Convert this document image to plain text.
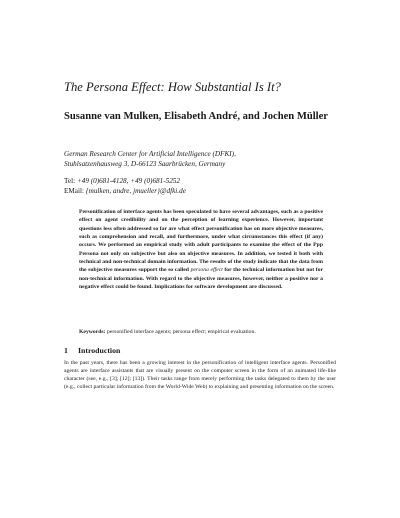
The Persona Effect: How Substantial Is It?
Susanne van Mulken, Elisabeth André, and Jochen Müller
German Research Center for Artificial Intelligence (DFKI),
Stuhlsatzenhausweg 3, D-66123 Saarbrücken, Germany
Tel: +49 (0)681-4128, +49 (0)681-5252
EMail: {mulken, andre, jmueller}@dfki.de

Personification of interface agents has been speculated to have several advantages, such as a positive effect on agent credibility and on the perception of learning experience. However, important questions less often addressed so far are what effect personification has on more objective measures, such as comprehension and recall, and furthermore, under what circumstances this effect (if any) occurs. We performed an empirical study with adult participants to examine the effect of the Ppp Persona not only on subjective but also on objective measures. In addition, we tested it both with technical and non-technical domain information. The results of the study indicate that the data from the subjective measures support the so called persona effect for the technical information but not for non-technical information. With regard to the objective measures, however, neither a positive nor a negative effect could be found. Implications for software development are discussed.

Keywords: personified interface agents; persona effect; empirical evaluation.
1 Introduction

In the past years, there has been a growing interest in the personification of intelligent interface agents. Personified agents are interface assistants that are visually present on the computer screen in the form of an animated life-like character (see, e.g., [3]; [12]; [13]). Their tasks range from merely performing the tasks delegated to them by the user (e.g., collect particular information from the World-Wide Web) to explaining and presenting information on the screen.
